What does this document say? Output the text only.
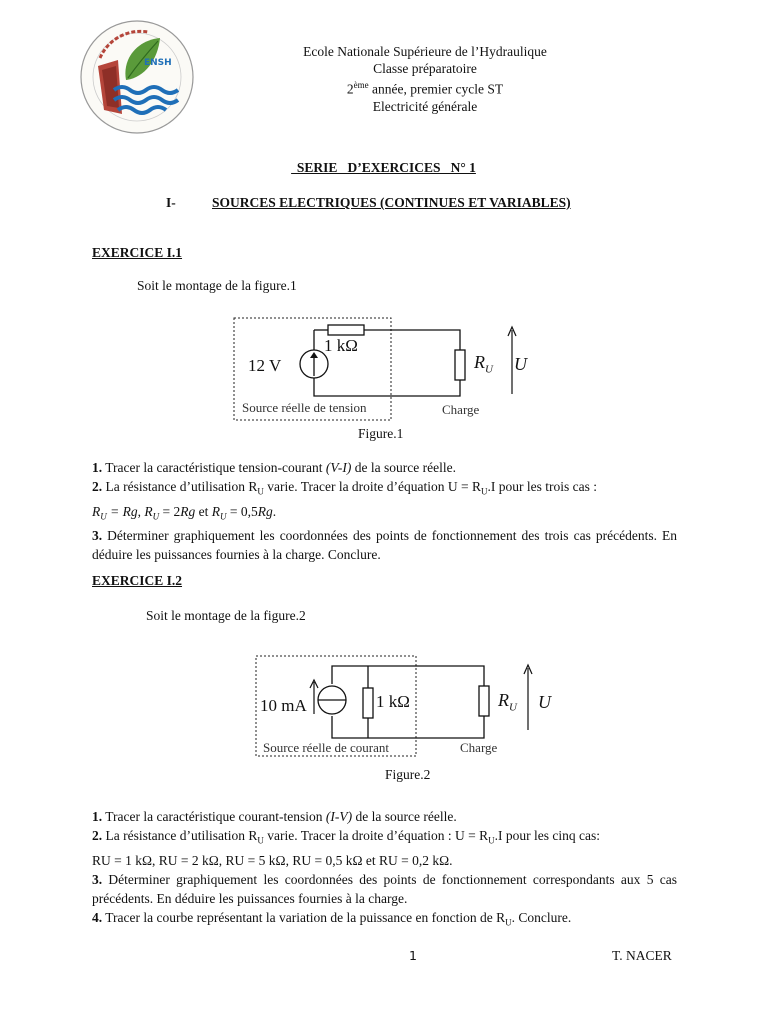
ENSH
Ecole Nationale Supérieure de l’Hydraulique
Classe préparatoire
2ème année, premier cycle ST
Electricité générale

SERIE   D’EXERCICES   N° 1

I-	SOURCES ELECTRIQUES (CONTINUES ET VARIABLES)
EXERCICE I.1
Soit le montage de la figure.1
12 V
1 kΩ
$R_U$ U
Source réelle de tension	Charge
Figure.1
1. Tracer la caractéristique tension-courant (V-I) de la source réelle.
2. La résistance d’utilisation $R_U$ varie. Tracer la droite d’équation $U = R_U.I$ pour les trois cas :
$R_U = Rg$, $R_U = 2Rg$ et $R_U = 0,5Rg$.
3. Déterminer graphiquement les coordonnées des points de fonctionnement des trois cas précédents. En déduire les puissances fournies à la charge. Conclure.
EXERCICE I.2
Soit le montage de la figure.2
10 mA	1 kΩ	$R_U$ U
Source réelle de courant	Charge
Figure.2
1. Tracer la caractéristique courant-tension (I-V) de la source réelle.
2. La résistance d’utilisation $R_U$ varie. Tracer la droite d’équation : $U = R_U.I$ pour les cinq cas:
RU = 1 kΩ, RU = 2 kΩ, RU = 5 kΩ, RU = 0,5 kΩ et RU = 0,2 kΩ.
3. Déterminer graphiquement les coordonnées des points de fonctionnement correspondants aux 5 cas précédents. En déduire les puissances fournies à la charge.
4. Tracer la courbe représentant la variation de la puissance en fonction de $R_U$. Conclure.
1	T. NACER
